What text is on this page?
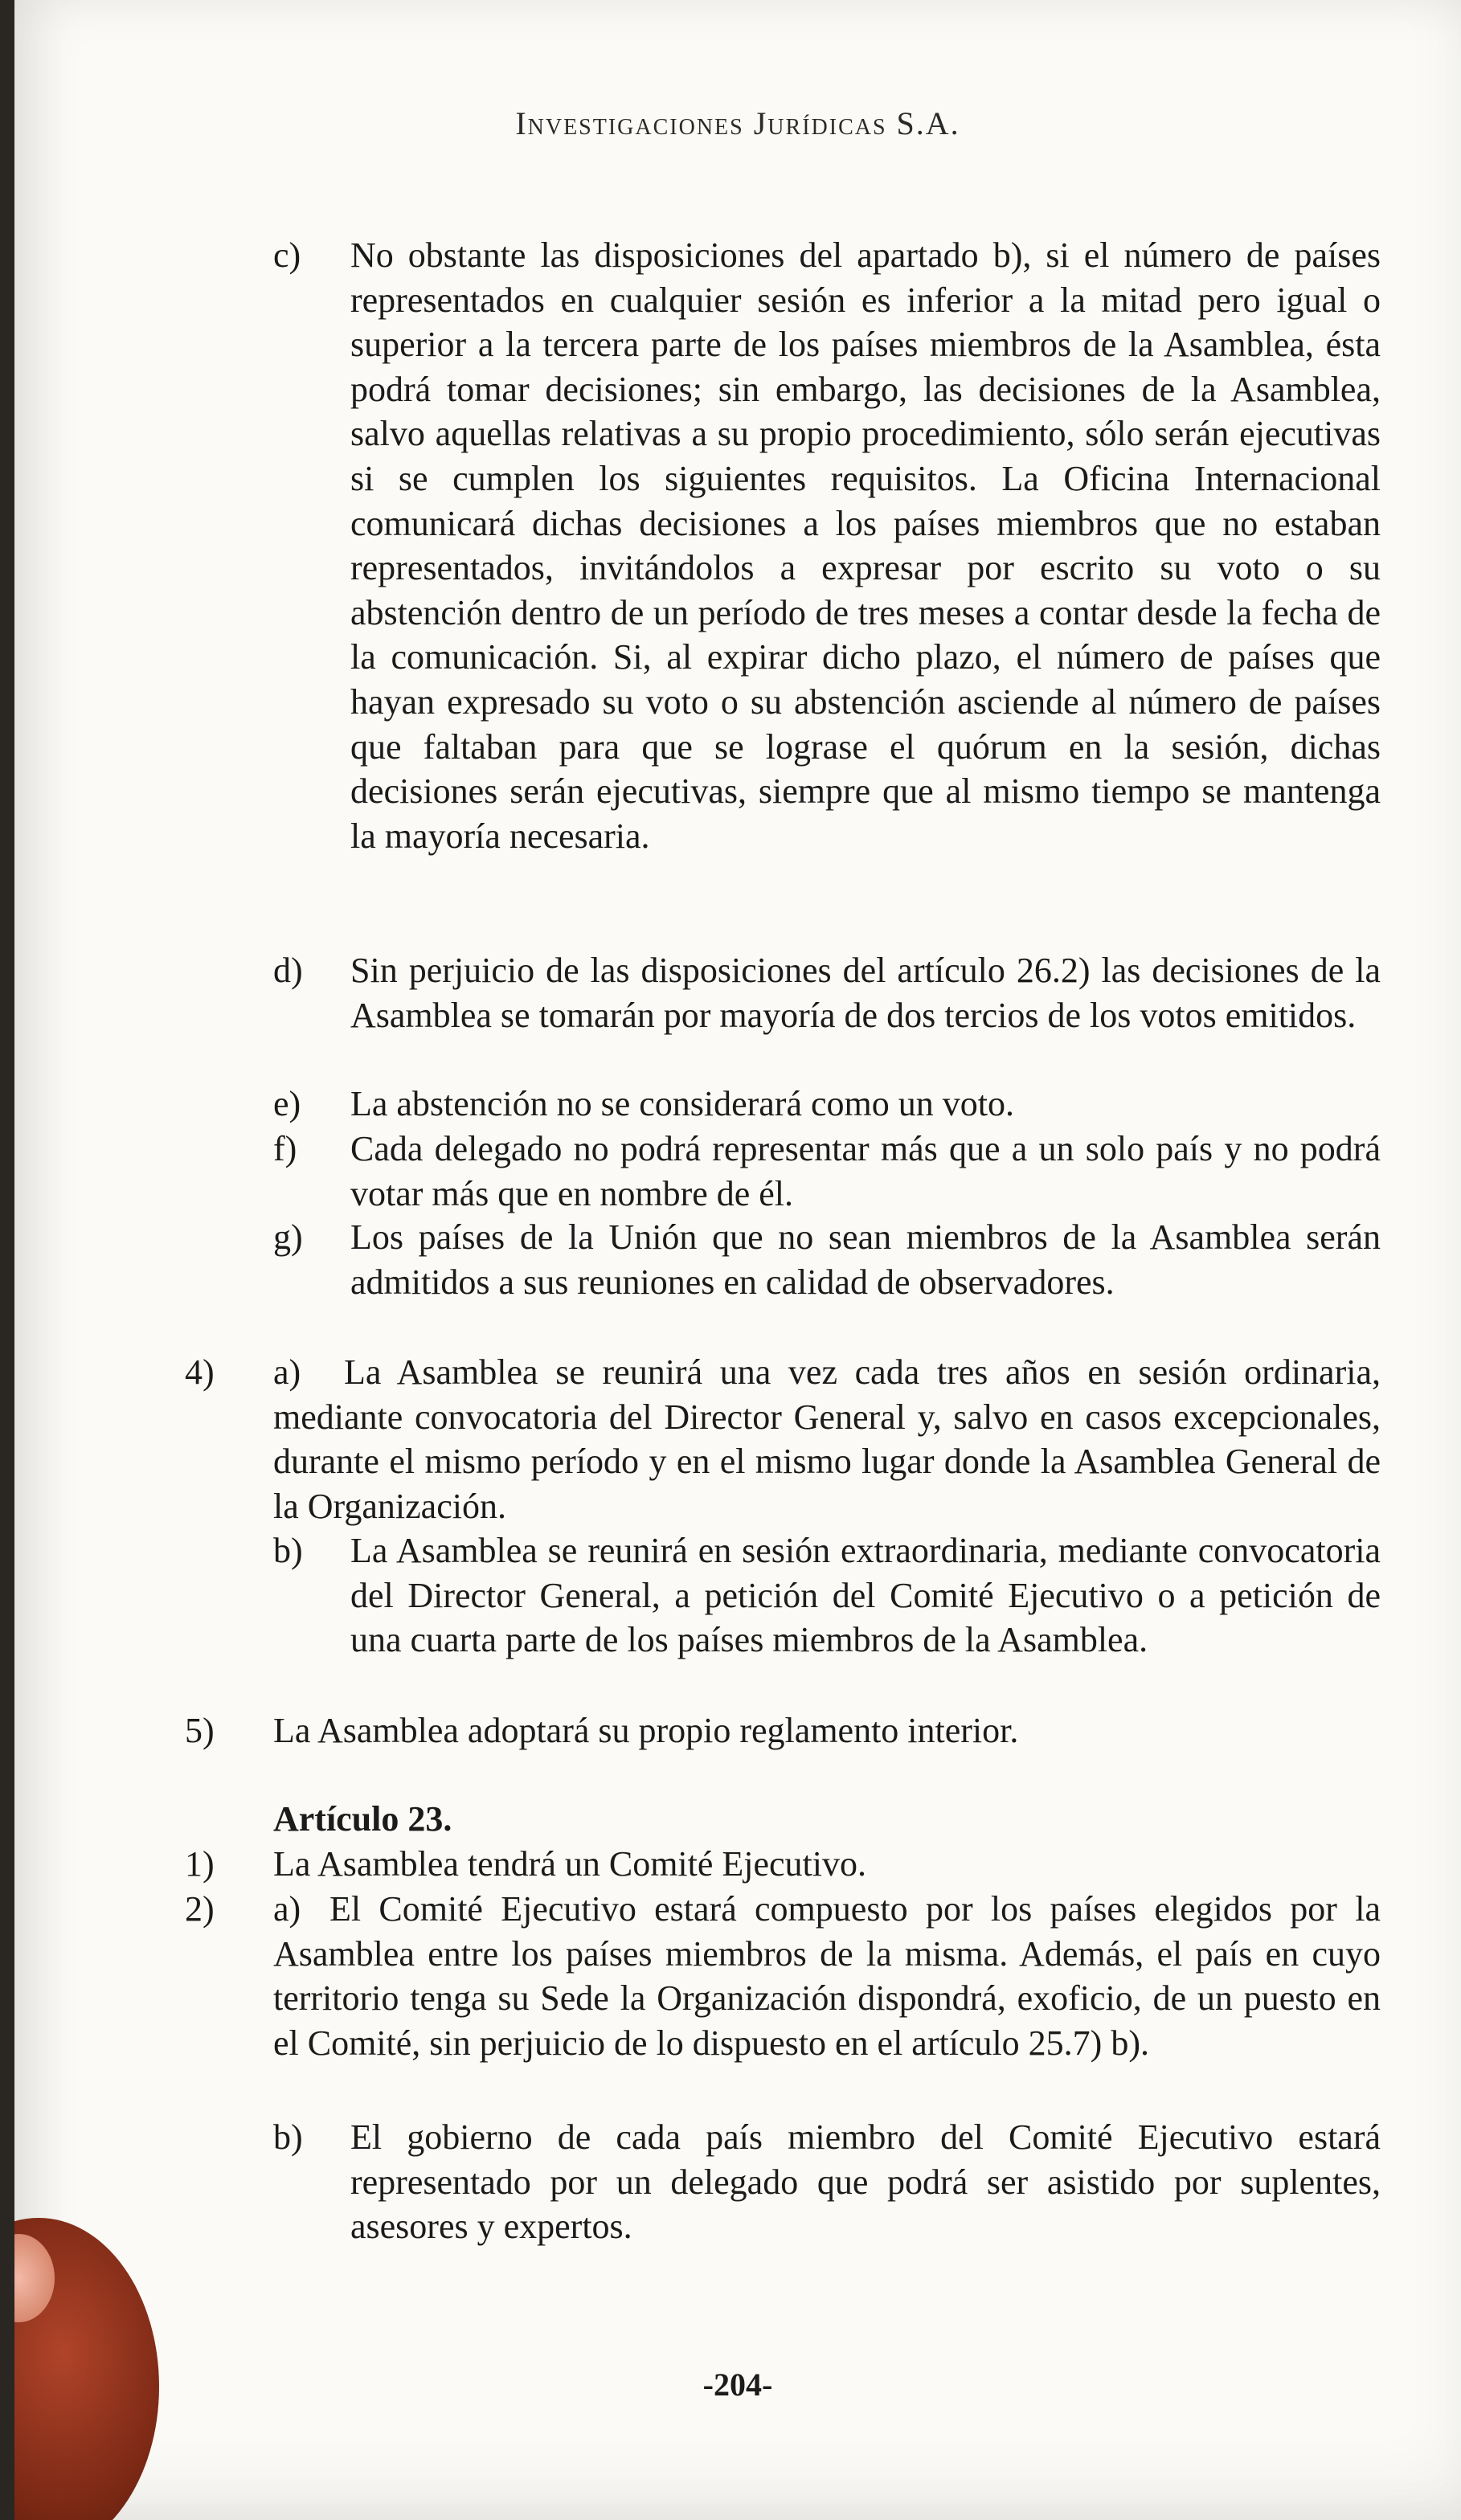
Investigaciones Jurídicas S.A.
c) No obstante las disposiciones del apartado b), si el número de países representados en cualquier sesión es inferior a la mitad pero igual o superior a la tercera parte de los países miembros de la Asamblea, ésta podrá tomar decisiones; sin embargo, las decisiones de la Asamblea, salvo aquellas relativas a su propio procedimiento, sólo serán ejecutivas si se cumplen los siguientes requisitos. La Oficina Internacional comunicará dichas decisiones a los países miembros que no estaban representados, invitándolos a expresar por escrito su voto o su abstención dentro de un período de tres meses a contar desde la fecha de la comunicación. Si, al expirar dicho plazo, el número de países que hayan expresado su voto o su abstención asciende al número de países que faltaban para que se lograse el quórum en la sesión, dichas decisiones serán ejecutivas, siempre que al mismo tiempo se mantenga la mayoría necesaria.
d) Sin perjuicio de las disposiciones del artículo 26.2) las decisiones de la Asamblea se tomarán por mayoría de dos tercios de los votos emitidos.
e) La abstención no se considerará como un voto.
f) Cada delegado no podrá representar más que a un solo país y no podrá votar más que en nombre de él.
g) Los países de la Unión que no sean miembros de la Asamblea serán admitidos a sus reuniones en calidad de observadores.
4) a)	La Asamblea se reunirá una vez cada tres años en sesión ordinaria, mediante convocatoria del Director General y, salvo en casos excepcionales, durante el mismo período y en el mismo lugar donde la Asamblea General de la Organización.
b) La Asamblea se reunirá en sesión extraordinaria, mediante convocatoria del Director General, a petición del Comité Ejecutivo o a petición de una cuarta parte de los países miembros de la Asamblea.
5) La Asamblea adoptará su propio reglamento interior.
Artículo 23.
1) La Asamblea tendrá un Comité Ejecutivo.
2) a) El Comité Ejecutivo estará compuesto por los países elegidos por la Asamblea entre los países miembros de la misma. Además, el país en cuyo territorio tenga su Sede la Organización dispondrá, exoficio, de un puesto en el Comité, sin perjuicio de lo dispuesto en el artículo 25.7) b).
b) El gobierno de cada país miembro del Comité Ejecutivo estará representado por un delegado que podrá ser asistido por suplentes, asesores y expertos.
-204-
